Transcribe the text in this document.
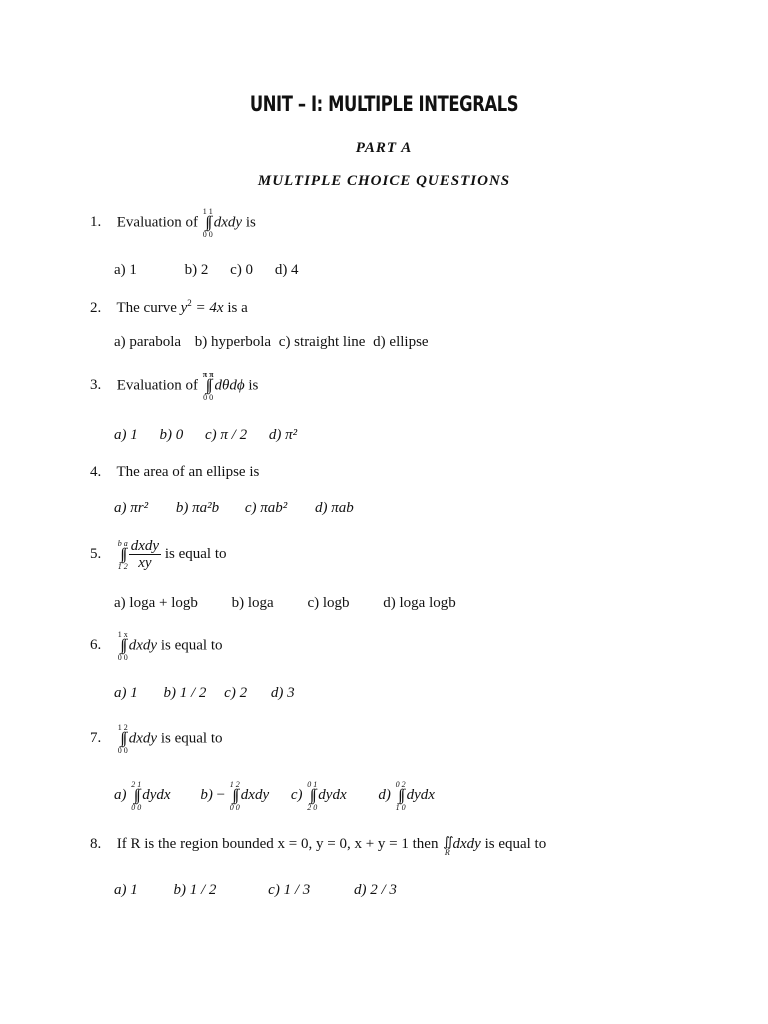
UNIT – I: MULTIPLE INTEGRALS
PART A
MULTIPLE CHOICE QUESTIONS
1. Evaluation of
1 1
∫∫
0 0
dxdy is
a) 1	b) 2 c) 0 d) 4
2. The curve $y^2 = 4x$ is a
a) parabola b) hyperbola c) straight line d) ellipse
3. Evaluation of
π π
∫∫
0 0
dθdϕ is
a) 1 b) 0 c) π / 2 d) π²
4. The area of an ellipse is
a) πr² b) πa²b c) πab² d) πab
5.
b a
∫∫
1 $2 \frac{\text{dxdy}}{xy}$ is equal to
a) loga + logb b) loga c) logb d) loga logb
6.
1 x
∫∫
0 0
dxdy is equal to
a) 1 b) 1 / 2 c) 2 d) 3
7.
1 2
∫∫
0 0
dxdy is equal to
a)
2 1
∫∫
0 0
dydx b) −
1 2
∫∫
0 0
dxdy c)
0 1
∫∫
2 0
dydx d)
0 2
∫∫
1 0
dydx
8. If R is the region bounded x = 0, y = 0, x + y = 1 then ∬
R
dxdy is equal to
a) 1 b) 1 / 2	c) 1 / 3	d) 2 / 3
